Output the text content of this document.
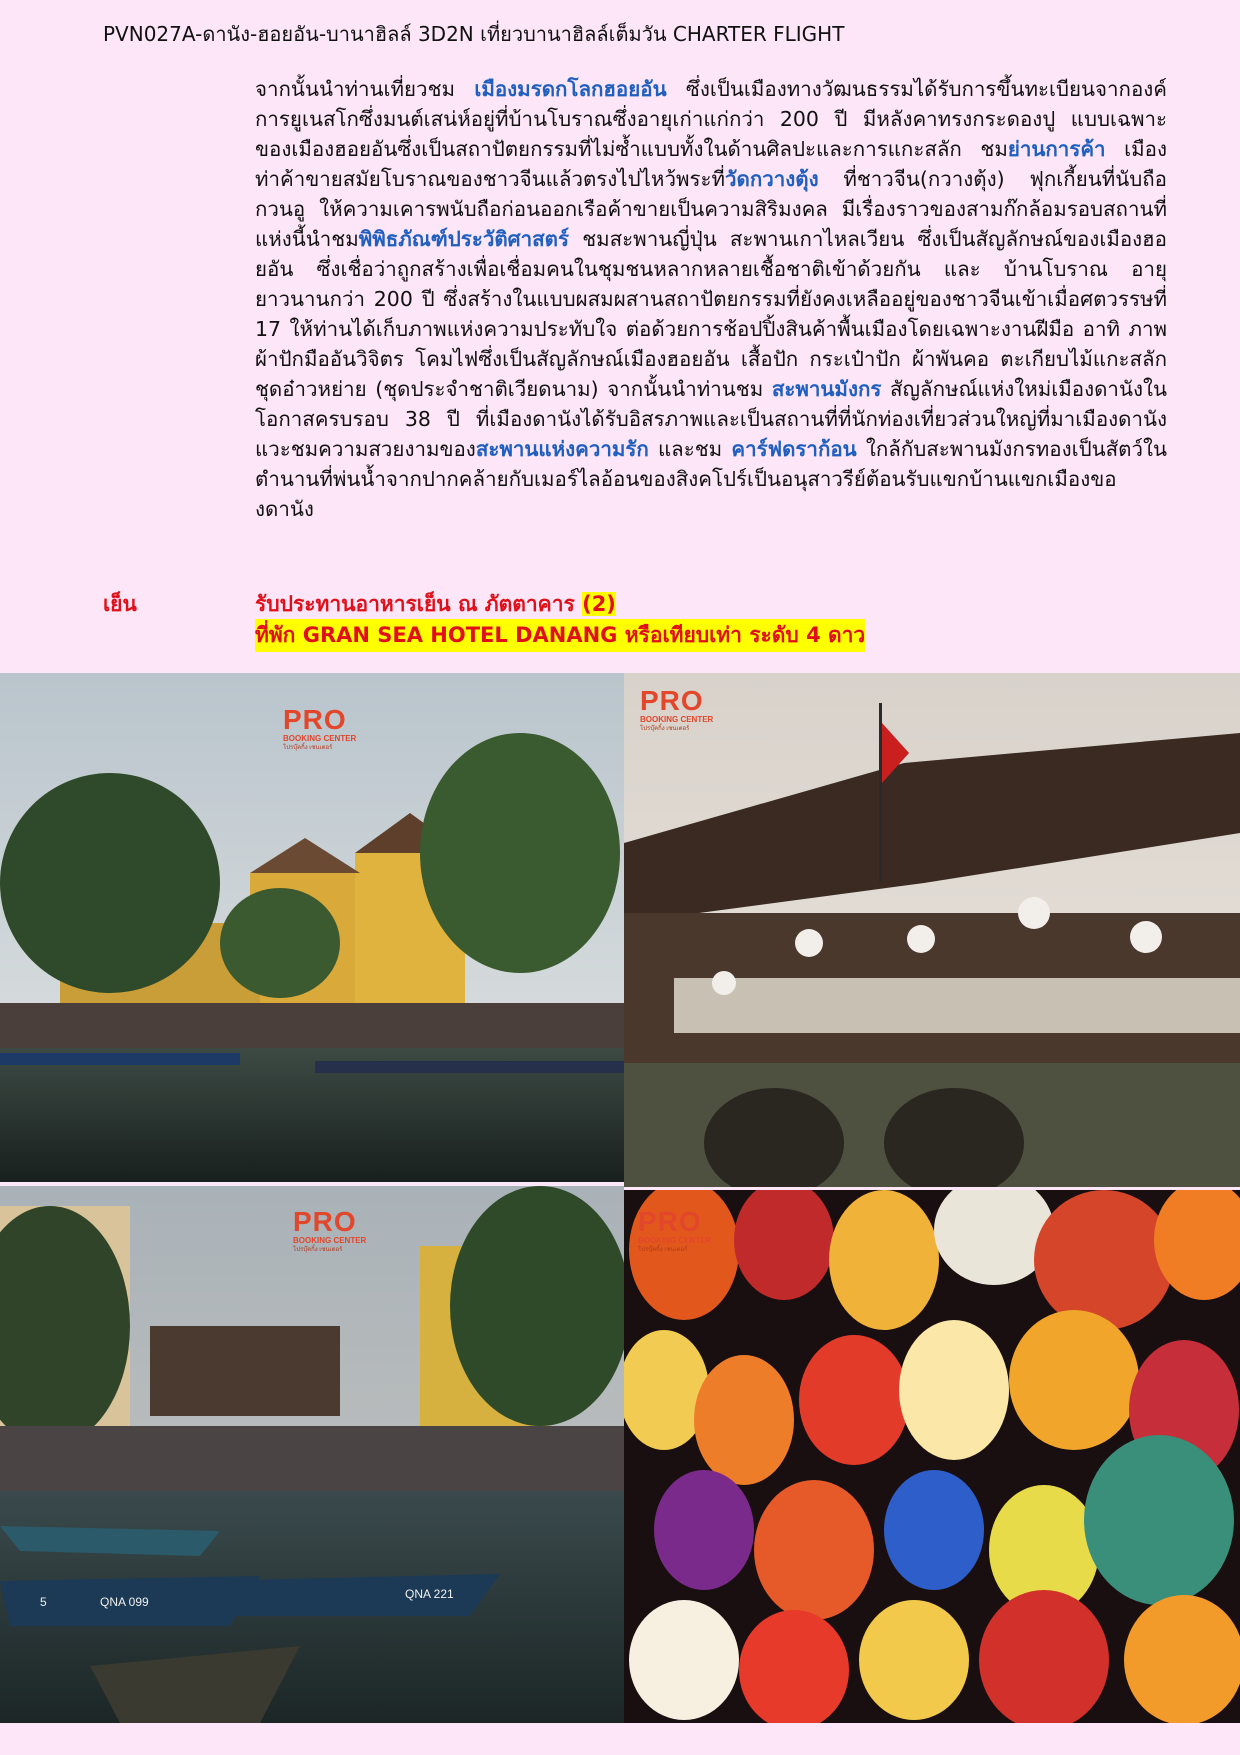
PVN027A-ดานัง-ฮอยอัน-บานาฮิลล์ 3D2N เที่ยวบานาฮิลล์เต็มวัน CHARTER FLIGHT
จากนั้นนำท่านเที่ยวชม เมืองมรดกโลกฮอยอัน ซึ่งเป็นเมืองทางวัฒนธรรมได้รับการขึ้นทะเบียนจากองค์การยูเนสโกซึ่งมนต์เสน่ห์อยู่ที่บ้านโบราณซึ่งอายุเก่าแก่กว่า 200 ปี มีหลังคาทรงกระดองปู แบบเฉพาะของเมืองฮอยอันซึ่งเป็นสถาปัตยกรรมที่ไม่ซ้ำแบบทั้งในด้านศิลปะและการแกะสลัก ชมย่านการค้า เมืองท่าค้าขายสมัยโบราณของชาวจีนแล้วตรงไปไหว้พระที่วัดกวางตุ้ง ที่ชาวจีน(กวางตุ้ง) ฟุกเกี้ยนที่นับถือกวนอู ให้ความเคารพนับถือก่อนออกเรือค้าขายเป็นความสิริมงคล มีเรื่องราวของสามก๊กล้อมรอบสถานที่แห่งนี้นำชมพิพิธภัณฑ์ประวัติศาสตร์ ชมสะพานญี่ปุ่น สะพานเกาไหลเวียน ซึ่งเป็นสัญลักษณ์ของเมืองฮอยอัน ซึ่งเชื่อว่าถูกสร้างเพื่อเชื่อมคนในชุมชนหลากหลายเชื้อชาติเข้าด้วยกัน และ บ้านโบราณ อายุยาวนานกว่า 200 ปี ซึ่งสร้างในแบบผสมผสานสถาปัตยกรรมที่ยังคงเหลืออยู่ของชาวจีนเข้าเมื่อศตวรรษที่ 17 ให้ท่านได้เก็บภาพแห่งความประทับใจ ต่อด้วยการช้อปปิ้งสินค้าพื้นเมืองโดยเฉพาะงานฝีมือ อาทิ ภาพผ้าปักมืออันวิจิตร โคมไฟซึ่งเป็นสัญลักษณ์เมืองฮอยอัน เสื้อปัก กระเป๋าปัก ผ้าพันคอ ตะเกียบไม้แกะสลัก ชุดอ๋าวหย่าย (ชุดประจำชาติเวียดนาม) จากนั้นนำท่านชม สะพานมังกร สัญลักษณ์แห่งใหม่เมืองดานังในโอกาสครบรอบ 38 ปี ที่เมืองดานังได้รับอิสรภาพและเป็นสถานที่ที่นักท่องเที่ยวส่วนใหญ่ที่มาเมืองดานัง แวะชมความสวยงามของสะพานแห่งความรัก และชม คาร์ฟดราก้อน ใกล้กับสะพานมังกรทองเป็นสัตว์ในตำนานที่พ่นน้ำจากปากคล้ายกับเมอร์ไลอ้อนของสิงคโปร์เป็นอนุสาวรีย์ต้อนรับแขกบ้านแขกเมืองของดานัง
เย็น	รับประทานอาหารเย็น ณ ภัตตาคาร (2)
ที่พัก GRAN SEA HOTEL DANANG หรือเทียบเท่า ระดับ 4 ดาว
PRO
BOOKING CENTER
โปรบุ๊คกิ้ง เซนเตอร์
PRO
BOOKING CENTER
โปรบุ๊คกิ้ง เซนเตอร์
5	QNA 099
QNA 221
PRO
BOOKING CENTER
โปรบุ๊คกิ้ง เซนเตอร์
PRO
BOOKING CENTER
โปรบุ๊คกิ้ง เซนเตอร์
